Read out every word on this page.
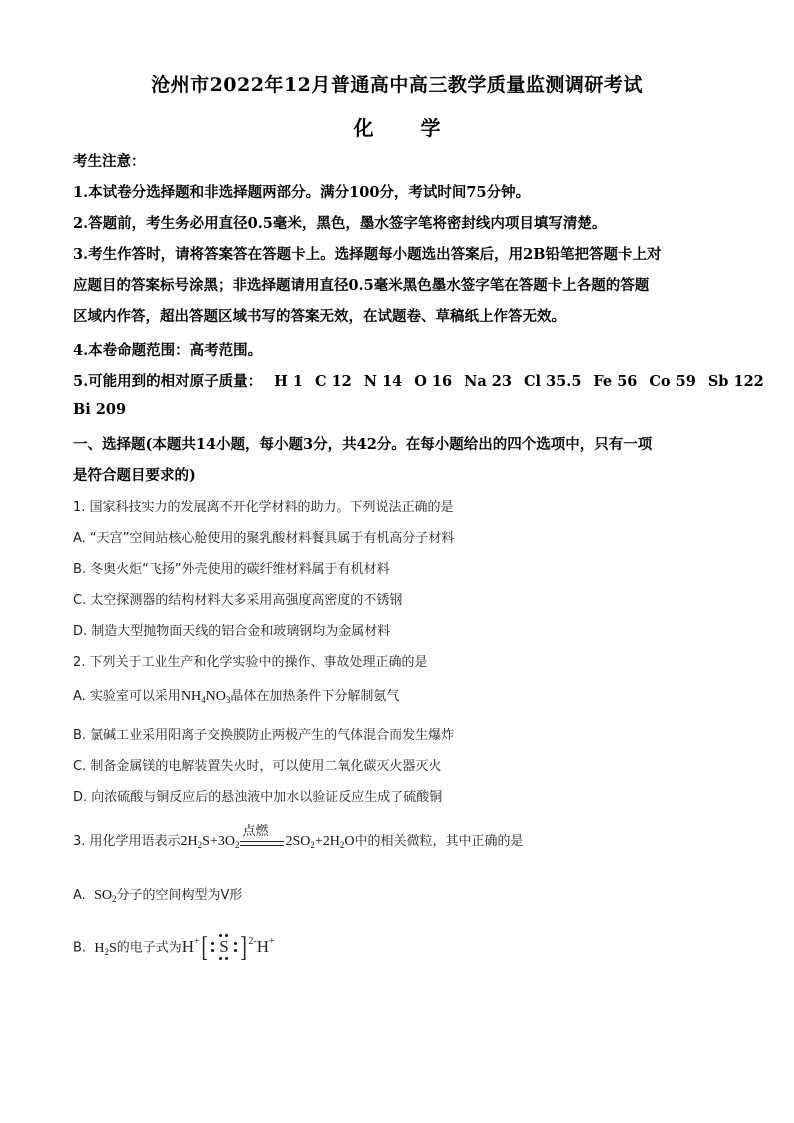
沧州市2022年12月普通高中高三教学质量监测调研考试
化 学
考生注意：
1.本试卷分选择题和非选择题两部分。满分100分，考试时间75分钟。
2.答题前，考生务必用直径0.5毫米，黑色，墨水签字笔将密封线内项目填写清楚。
3.考生作答时，请将答案答在答题卡上。选择题每小题选出答案后，用2B铅笔把答题卡上对
应题目的答案标号涂黑；非选择题请用直径0.5毫米黑色墨水签字笔在答题卡上各题的答题
区域内作答，超出答题区域书写的答案无效，在试题卷、草稿纸上作答无效。
4.本卷命题范围：高考范围。
5.可能用到的相对原子质量： H 1 C 12 N 14 O 16 Na 23 Cl 35.5 Fe 56 Co 59 Sb 122
Bi 209
一、选择题(本题共14小题，每小题3分，共42分。在每小题给出的四个选项中，只有一项
是符合题目要求的)
1. 国家科技实力的发展离不开化学材料的助力。下列说法正确的是
A. “天宫”空间站核心舱使用的聚乳酸材料餐具属于有机高分子材料
B. 冬奥火炬“飞扬”外壳使用的碳纤维材料属于有机材料
C. 太空探测器的结构材料大多采用高强度高密度的不锈钢
D. 制造大型抛物面天线的铝合金和玻璃钢均为金属材料
2. 下列关于工业生产和化学实验中的操作、事故处理正确的是
A. 实验室可以采用$NH_4NO_3$晶体在加热条件下分解制氨气
B. 氯碱工业采用阳离子交换膜防止两极产生的气体混合而发生爆炸
C. 制备金属镁的电解装置失火时，可以使用二氧化碳灭火器灭火
D. 向浓硫酸与铜反应后的悬浊液中加水以验证反应生成了硫酸铜
3. 用化学用语表示$2H_2S+3O_2$
点燃
$2SO_2+2H_2O$中的相关微粒，其中正确的是
A. $SO_2$分子的空间构型为V形
B. $H_2S$的电子式为H+[ S ]$^{2-}$H+
